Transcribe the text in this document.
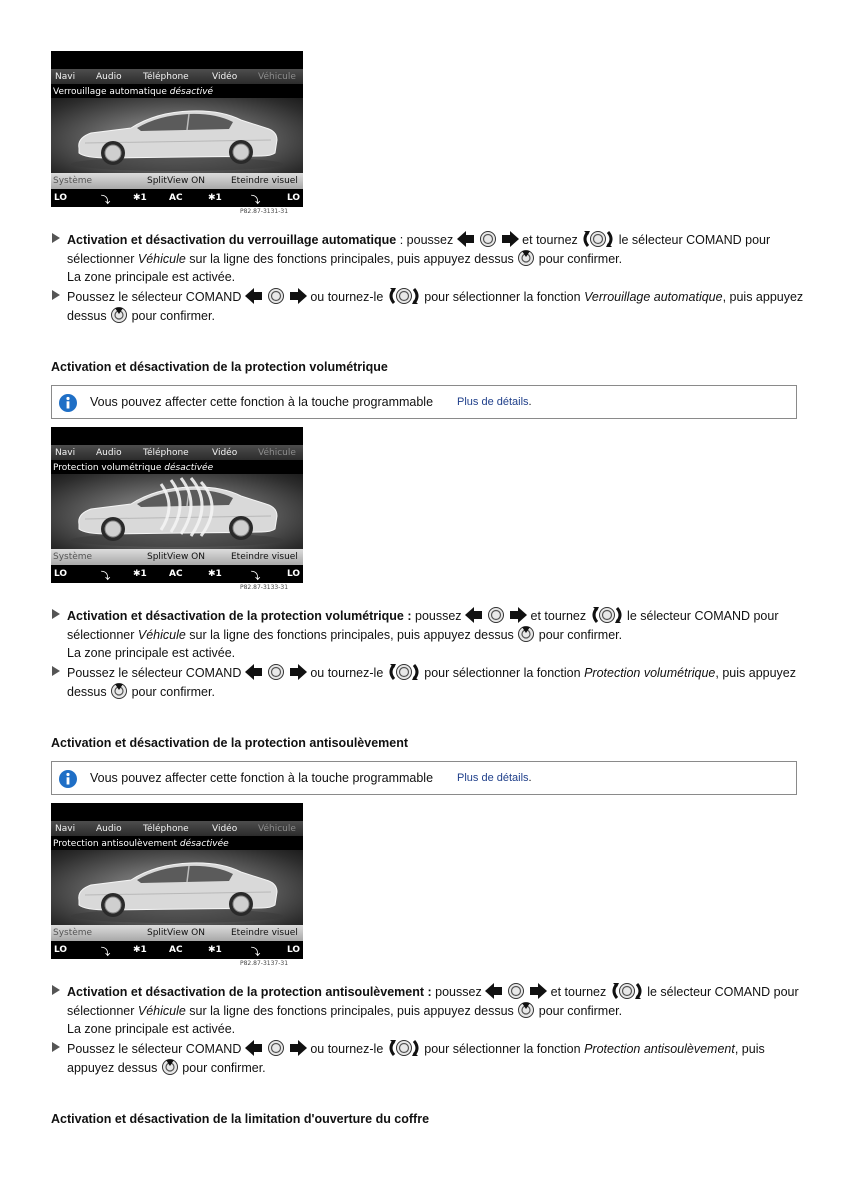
Navi	Audio	Téléphone	Vidéo	Véhicule
Verrouillage automatique désactivé
Système	SplitView ON	Eteindre visuel
LO	⤵	✱1 AC	✱1	⤵	LO
P82.87-3131-31
Activation et désactivation du verrouillage automatique : poussez	et tournez	le sélecteur COMAND pour sélectionner Véhicule sur la ligne des fonctions principales, puis appuyez dessus  pour confirmer.
La zone principale est activée.
Poussez le sélecteur COMAND	ou tournez-le	pour sélectionner la fonction Verrouillage automatique, puis appuyez dessus  pour confirmer.
Activation et désactivation de la protection volumétrique
Vous pouvez affecter cette fonction à la touche programmable Plus de détails.
Navi	Audio	Téléphone	Vidéo	Véhicule
Protection volumétrique désactivée
Système	SplitView ON	Eteindre visuel
LO	⤵	✱1 AC	✱1	⤵	LO
P82.87-3133-31
Activation et désactivation de la protection volumétrique : poussez	et tournez	le sélecteur COMAND pour sélectionner Véhicule sur la ligne des fonctions principales, puis appuyez dessus  pour confirmer.
La zone principale est activée.
Poussez le sélecteur COMAND	ou tournez-le	pour sélectionner la fonction Protection volumétrique, puis appuyez dessus  pour confirmer.
Activation et désactivation de la protection antisoulèvement
Vous pouvez affecter cette fonction à la touche programmable Plus de détails.
Navi	Audio	Téléphone	Vidéo	Véhicule
Protection antisoulèvement désactivée
Système	SplitView ON	Eteindre visuel
LO	⤵	✱1 AC	✱1	⤵	LO
P82.87-3137-31
Activation et désactivation de la protection antisoulèvement : poussez	et tournez	le sélecteur COMAND pour sélectionner Véhicule sur la ligne des fonctions principales, puis appuyez dessus  pour confirmer.
La zone principale est activée.
Poussez le sélecteur COMAND	ou tournez-le	pour sélectionner la fonction Protection antisoulèvement, puis appuyez dessus  pour confirmer.
Activation et désactivation de la limitation d'ouverture du coffre
